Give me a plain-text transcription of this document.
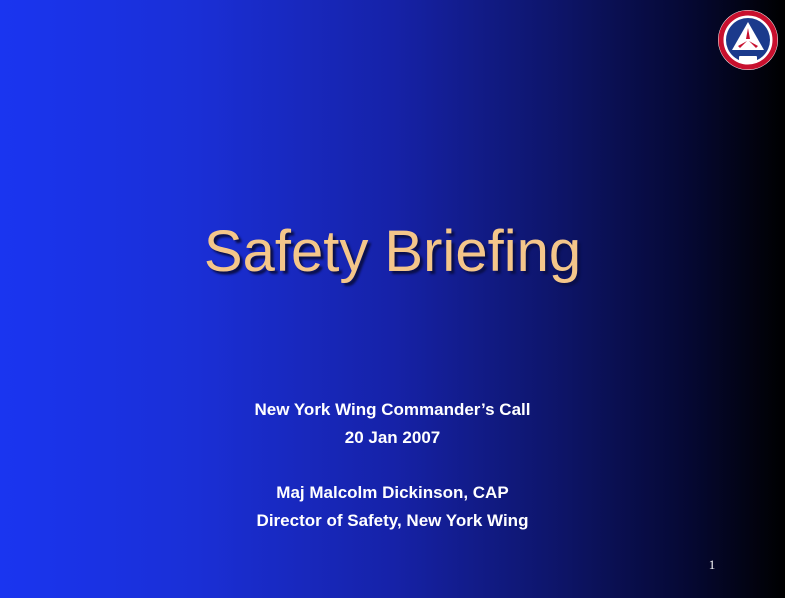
Safety Briefing
New York Wing Commander’s Call
20 Jan 2007
Maj Malcolm Dickinson, CAP
Director of Safety, New York Wing
1
